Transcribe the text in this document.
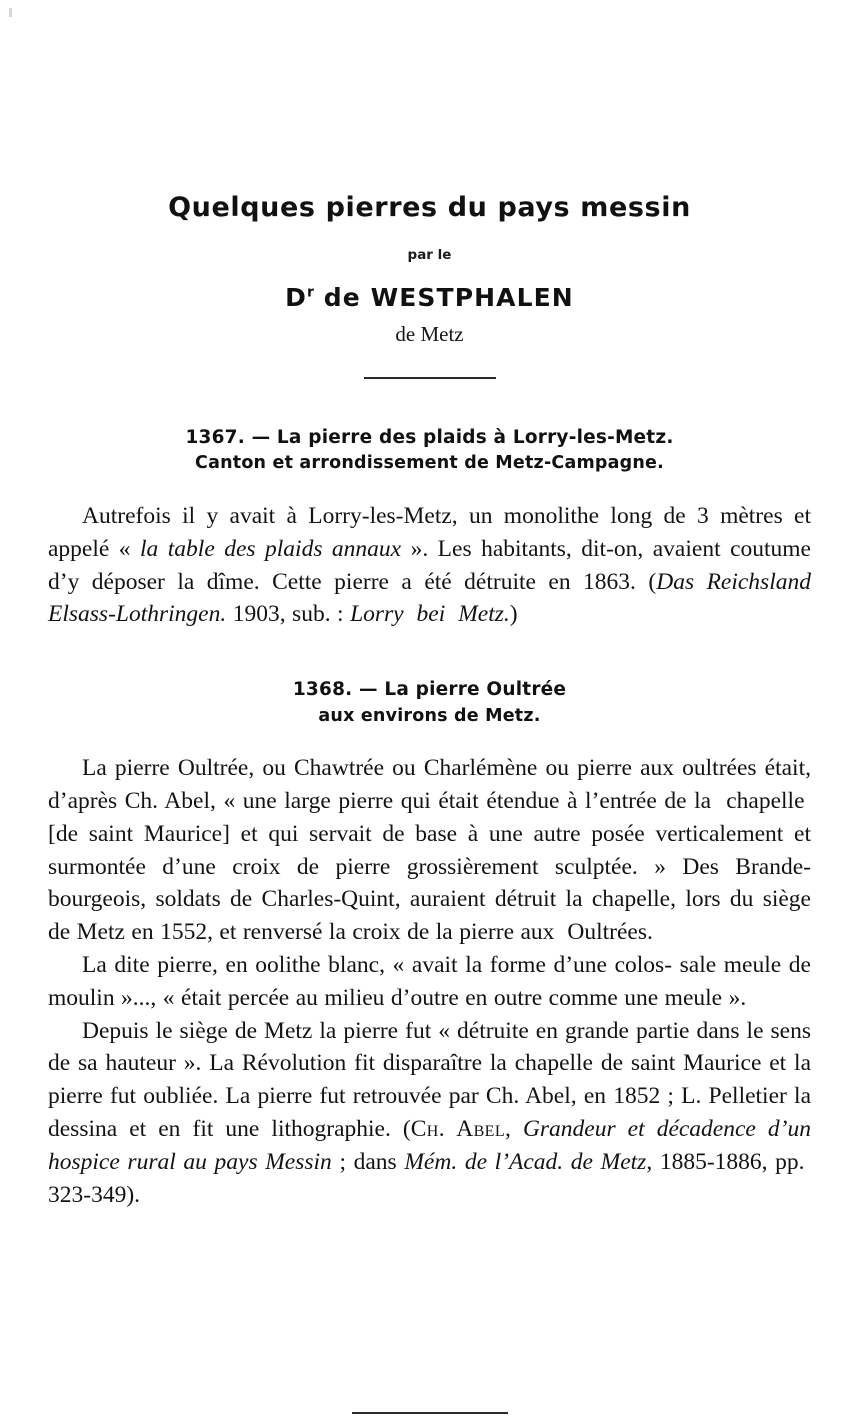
Quelques pierres du pays messin
par le
$D^r$ de WESTPHALEN
de Metz
1367. — La pierre des plaids à Lorry-les-Metz.
Canton et arrondissement de Metz-Campagne.

Autrefois il y avait à Lorry-les-Metz, un monolithe long de 3 mètres et appelé « la table des plaids annaux ». Les habitants, dit-on, avaient coutume d’y déposer la dîme. Cette pierre a été détruite en 1863. (Das Reichsland Elsass-Lothringen. 1903, sub. : Lorry  bei  Metz.)

1368. — La pierre Oultrée
aux environs de Metz.

La pierre Oultrée, ou Chawtrée ou Charlémène ou pierre aux oultrées était, d’après Ch. Abel, « une large pierre qui était étendue à l’entrée de la  chapelle  [de saint Maurice] et qui servait de base à une autre posée verticalement et surmontée d’une croix de pierre grossièrement sculptée. » Des Brande- bourgeois, soldats de Charles-Quint, auraient détruit la chapelle, lors du siège de Metz en 1552, et renversé la croix de la pierre aux  Oultrées.

La dite pierre, en oolithe blanc, « avait la forme d’une colos- sale meule de moulin »..., « était percée au milieu d’outre en outre comme une meule ».

Depuis le siège de Metz la pierre fut « détruite en grande partie dans le sens de sa hauteur ». La Révolution fit disparaître la chapelle de saint Maurice et la pierre fut oubliée. La pierre fut retrouvée par Ch. Abel, en 1852 ; L. Pelletier la dessina et en fit une lithographie. (Ch. Abel, Grandeur et décadence d’un hospice rural au pays Messin ; dans Mém. de l’Acad. de Metz, 1885-1886, pp.  323-349).
